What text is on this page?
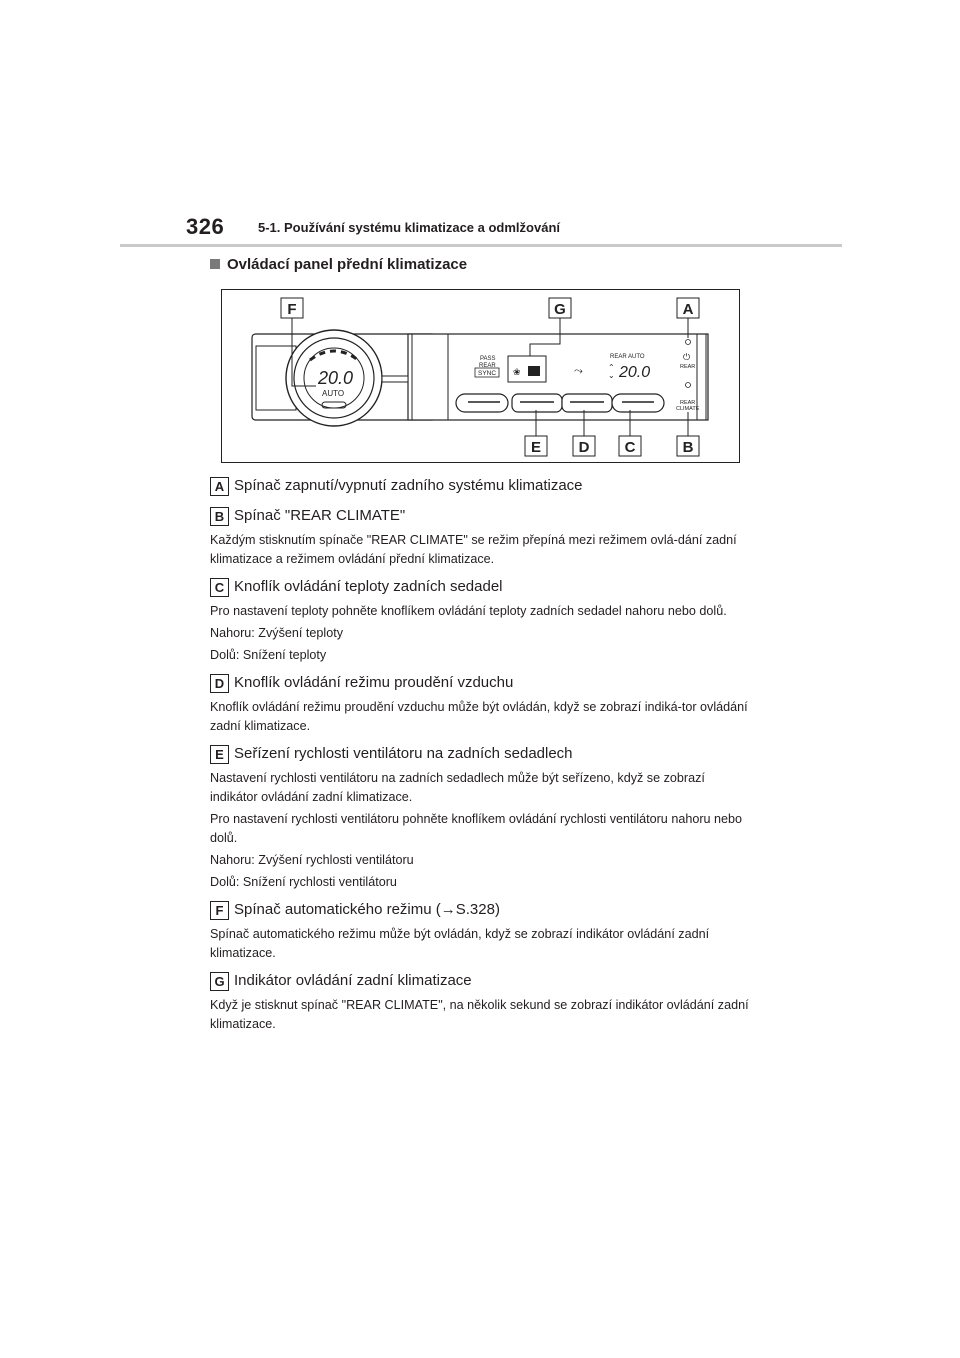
326	5-1. Používání systému klimatizace a odmlžování
Ovládací panel přední klimatizace
20.0
AUTO
PASS
REAR
SYNC ❀	⤳
REAR AUTO
⌃
⌄ 20.0
⏻
REAR
REAR
CLIMATE
F	G	A
E	D C	B
A Spínač zapnutí/vypnutí zadního systému klimatizace
B Spínač "REAR CLIMATE"
Každým stisknutím spínače "REAR CLIMATE" se režim přepíná mezi režimem ovlá-dání zadní klimatizace a režimem ovládání přední klimatizace.
C Knoflík ovládání teploty zadních sedadel
Pro nastavení teploty pohněte knoflíkem ovládání teploty zadních sedadel nahoru nebo dolů.
Nahoru: Zvýšení teploty
Dolů: Snížení teploty
D Knoflík ovládání režimu proudění vzduchu
Knoflík ovládání režimu proudění vzduchu může být ovládán, když se zobrazí indiká-tor ovládání zadní klimatizace.
E Seřízení rychlosti ventilátoru na zadních sedadlech
Nastavení rychlosti ventilátoru na zadních sedadlech může být seřízeno, když se zobrazí indikátor ovládání zadní klimatizace.
Pro nastavení rychlosti ventilátoru pohněte knoflíkem ovládání rychlosti ventilátoru nahoru nebo dolů.
Nahoru: Zvýšení rychlosti ventilátoru
Dolů: Snížení rychlosti ventilátoru
F Spínač automatického režimu (→S.328)
Spínač automatického režimu může být ovládán, když se zobrazí indikátor ovládání zadní klimatizace.
G Indikátor ovládání zadní klimatizace
Když je stisknut spínač "REAR CLIMATE", na několik sekund se zobrazí indikátor ovládání zadní klimatizace.
